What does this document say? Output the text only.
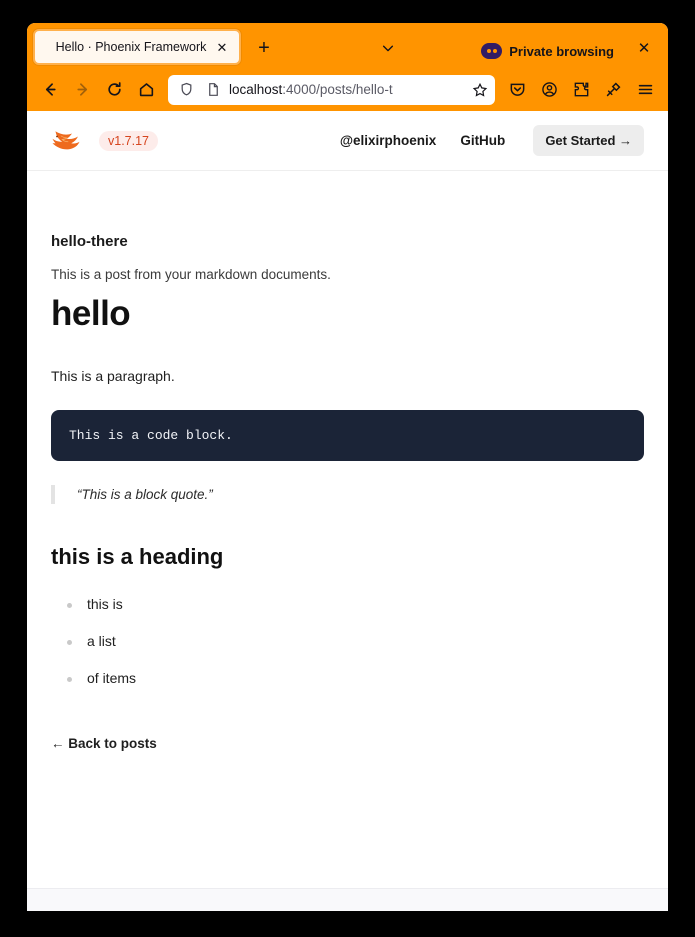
Hello · Phoenix Framework ✕	+	Private browsing	✕
localhost:4000/posts/hello-t
v1.7.17	@elixirphoenix GitHub	Get Started →
hello-there
This is a post from your markdown documents.
hello

This is a paragraph.

This is a code block.
“This is a block quote.”
this is a heading
this is
a list
of items
← Back to posts
